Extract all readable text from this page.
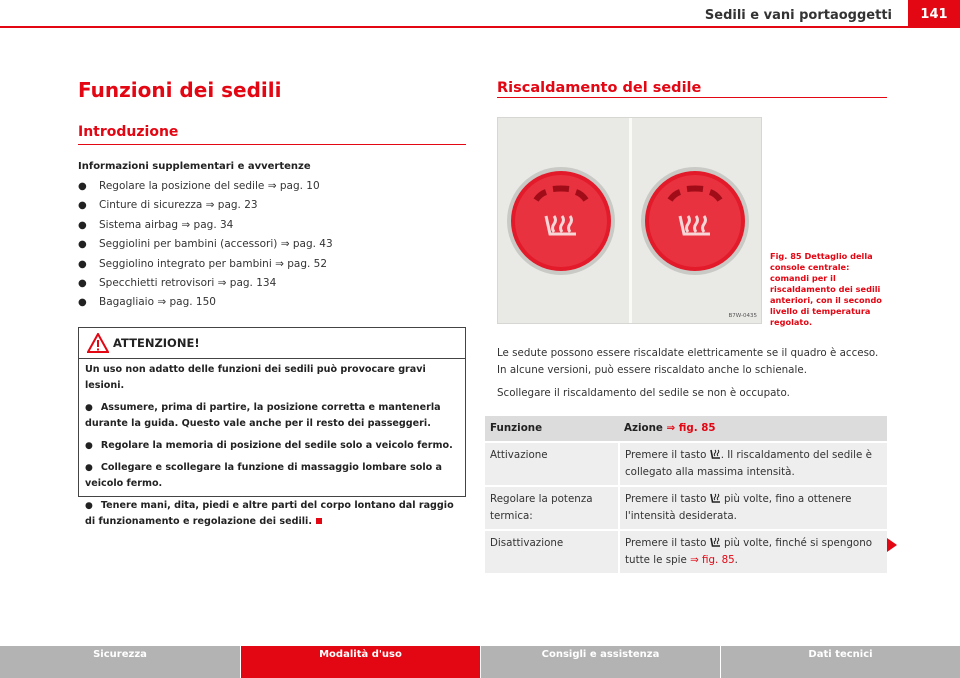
Sedili e vani portaoggetti	141
Funzioni dei sedili
Introduzione
Informazioni supplementari e avvertenze
● Regolare la posizione del sedile ⇒ pag. 10
● Cinture di sicurezza ⇒ pag. 23
● Sistema airbag ⇒ pag. 34
● Seggiolini per bambini (accessori) ⇒ pag. 43
● Seggiolino integrato per bambini ⇒ pag. 52
● Specchietti retrovisori ⇒ pag. 134
● Bagagliaio ⇒ pag. 150
ATTENZIONE!

Un uso non adatto delle funzioni dei sedili può provocare gravi lesioni.

● Assumere, prima di partire, la posizione corretta e mantenerla durante la guida. Questo vale anche per il resto dei passeggeri.

● Regolare la memoria di posizione del sedile solo a veicolo fermo.

● Collegare e scollegare la funzione di massaggio lombare solo a veicolo fermo.

● Tenere mani, dita, piedi e altre parti del corpo lontano dal raggio di funzionamento e regolazione dei sedili.

Riscaldamento del sedile
B7W-0435
Fig. 85 Dettaglio della console centrale: comandi per il riscaldamento dei sedili anteriori, con il secondo livello di temperatura regolato.
Le sedute possono essere riscaldate elettricamente se il quadro è acceso. In alcune versioni, può essere riscaldato anche lo schienale.
Scollegare il riscaldamento del sedile se non è occupato.
Funzione	Azione ⇒ fig. 85
Attivazione	Premere il tasto . Il riscaldamento del sedile è collegato alla massima intensità.
Regolare la potenza termica:	Premere il tasto  più volte, fino a ottenere l'intensità desiderata.
Disattivazione	Premere il tasto  più volte, finché si spengono tutte le spie ⇒ fig. 85.
Sicurezza	Modalità d'uso	Consigli e assistenza	Dati tecnici
